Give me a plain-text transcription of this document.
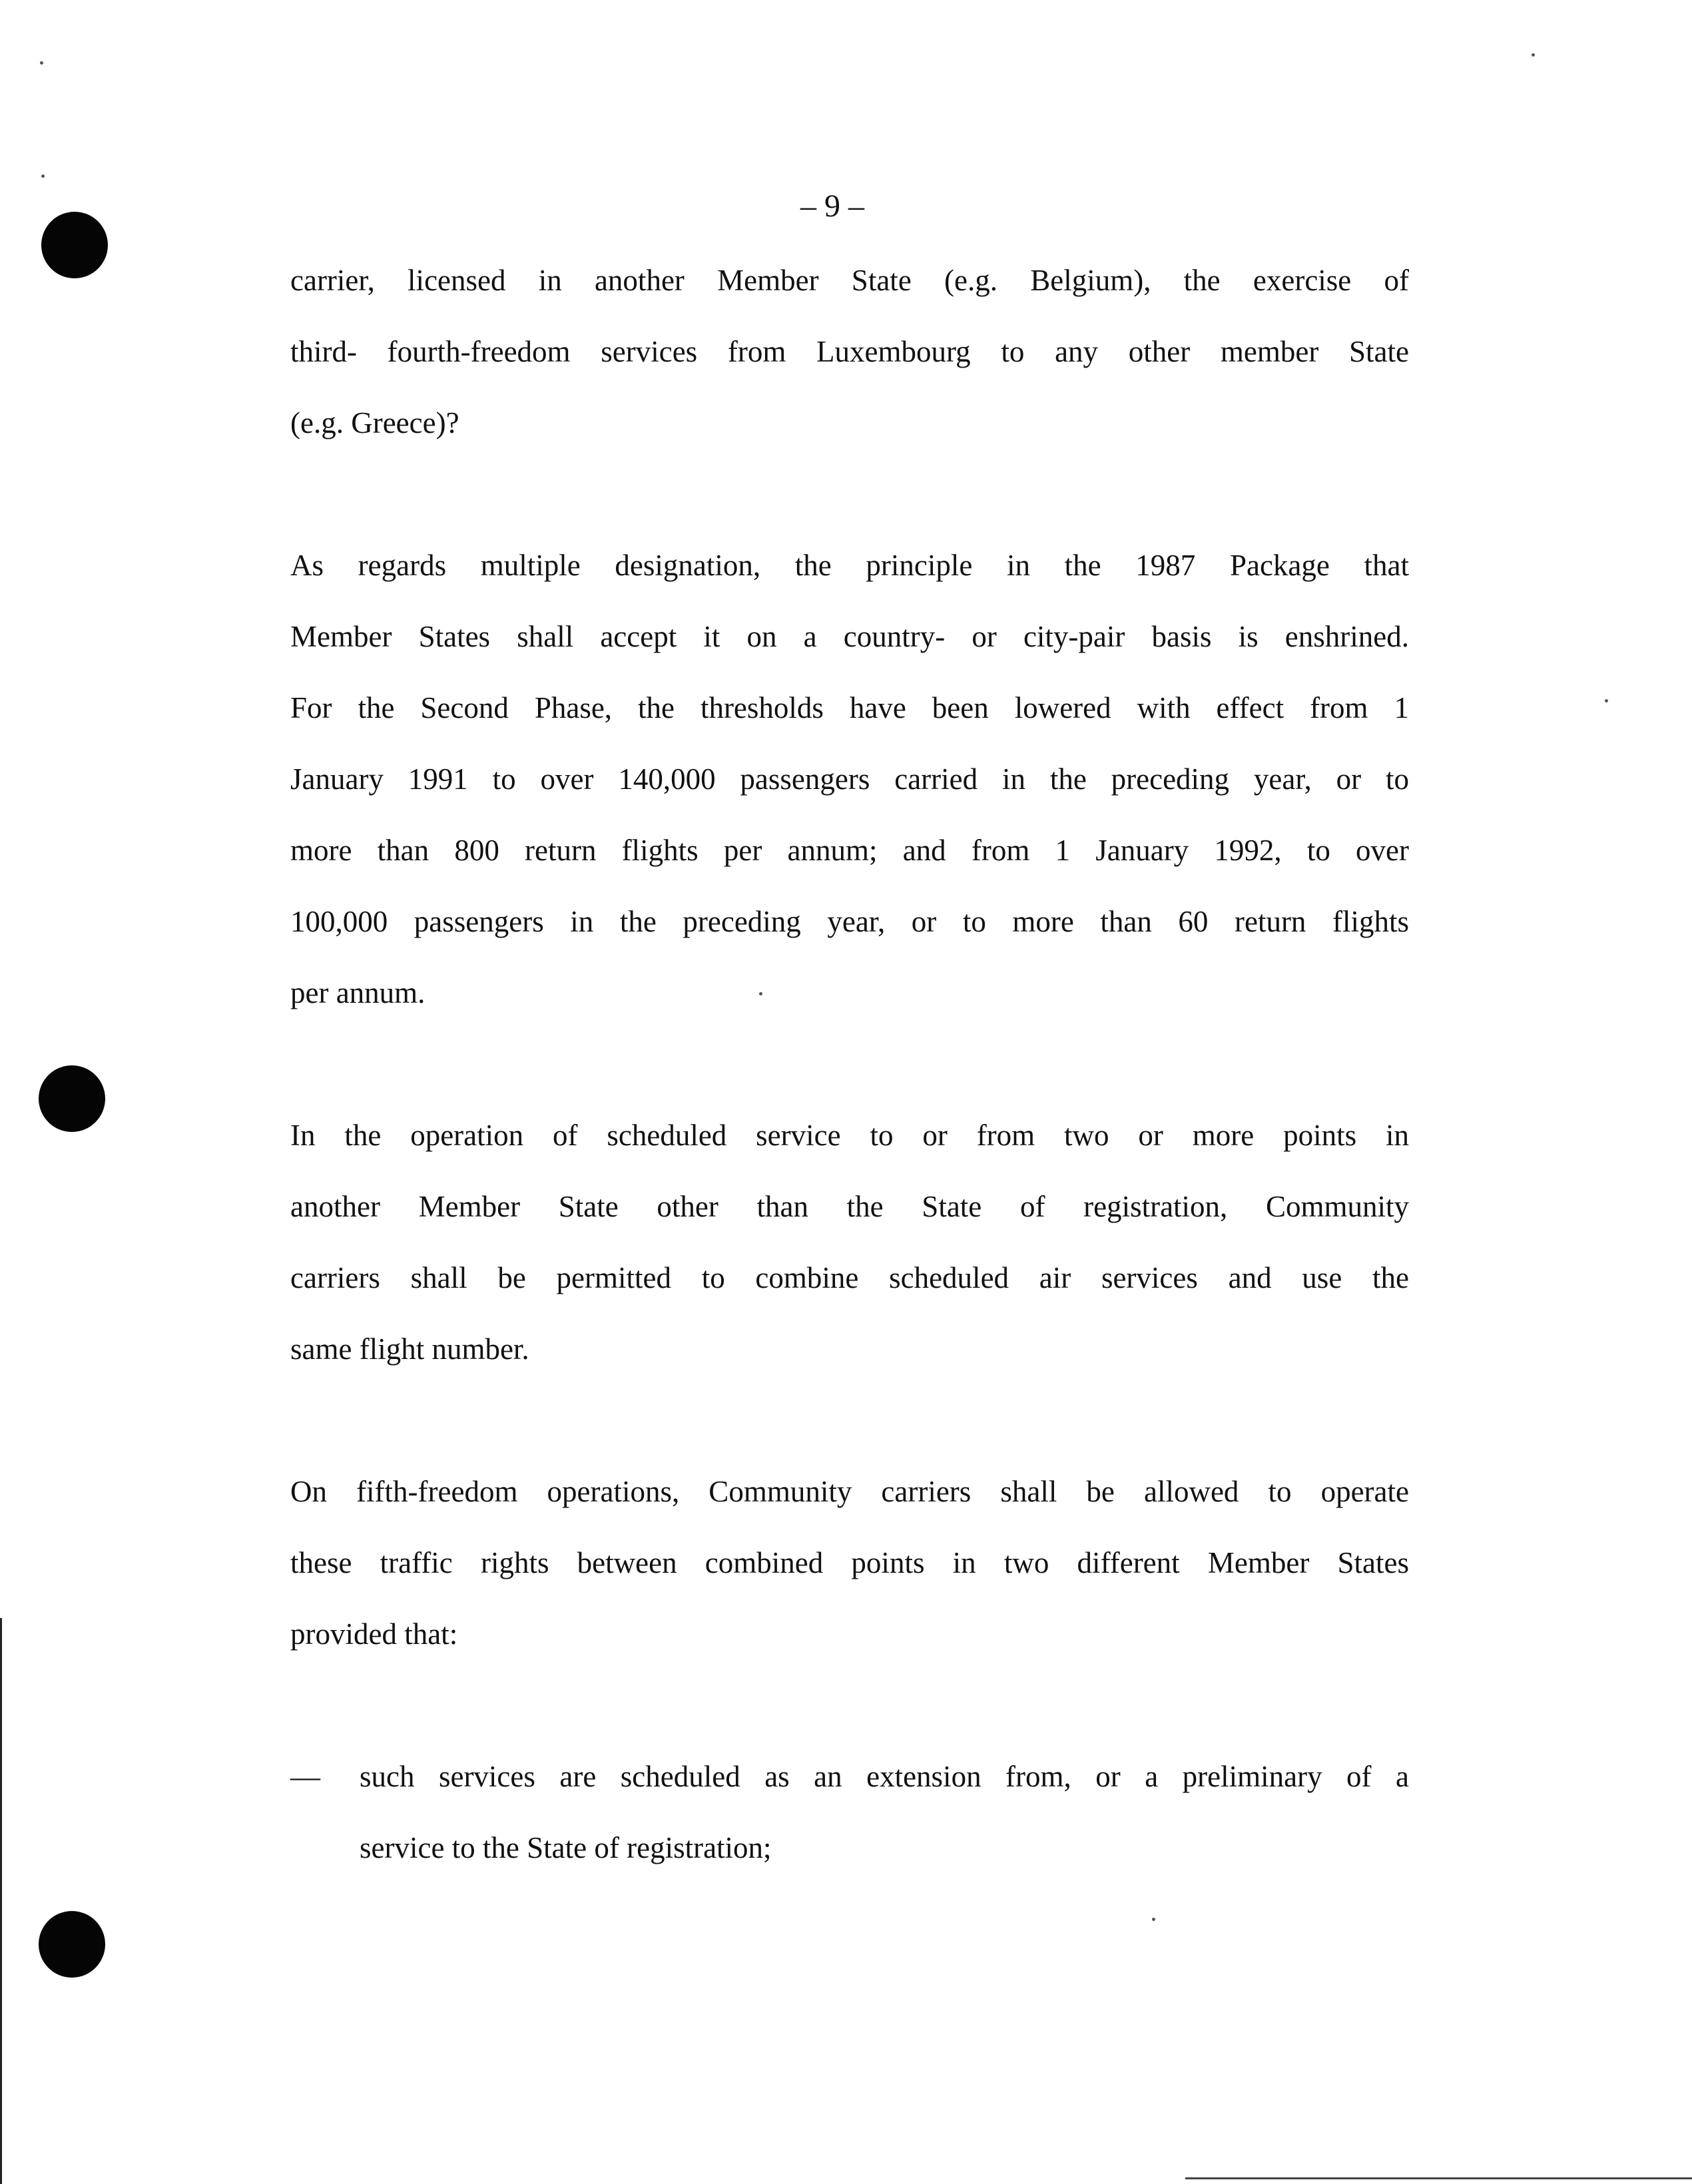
– 9 –

carrier, licensed in another Member State (e.g. Belgium), the exercise of
third- fourth-freedom services from Luxembourg to any other member State
(e.g. Greece)?

As regards multiple designation, the principle in the 1987 Package that
Member States shall accept it on a country- or city-pair basis is enshrined.
For the Second Phase, the thresholds have been lowered with effect from 1
January 1991 to over 140,000 passengers carried in the preceding year, or to
more than 800 return flights per annum; and from 1 January 1992, to over
100,000 passengers in the preceding year, or to more than 60 return flights
per annum.

In the operation of scheduled service to or from two or more points in
another Member State other than the State of registration, Community
carriers shall be permitted to combine scheduled air services and use the
same flight number.

On fifth-freedom operations, Community carriers shall be allowed to operate
these traffic rights between combined points in two different Member States
provided that:

—	such services are scheduled as an extension from, or a preliminary of a
service to the State of registration;
